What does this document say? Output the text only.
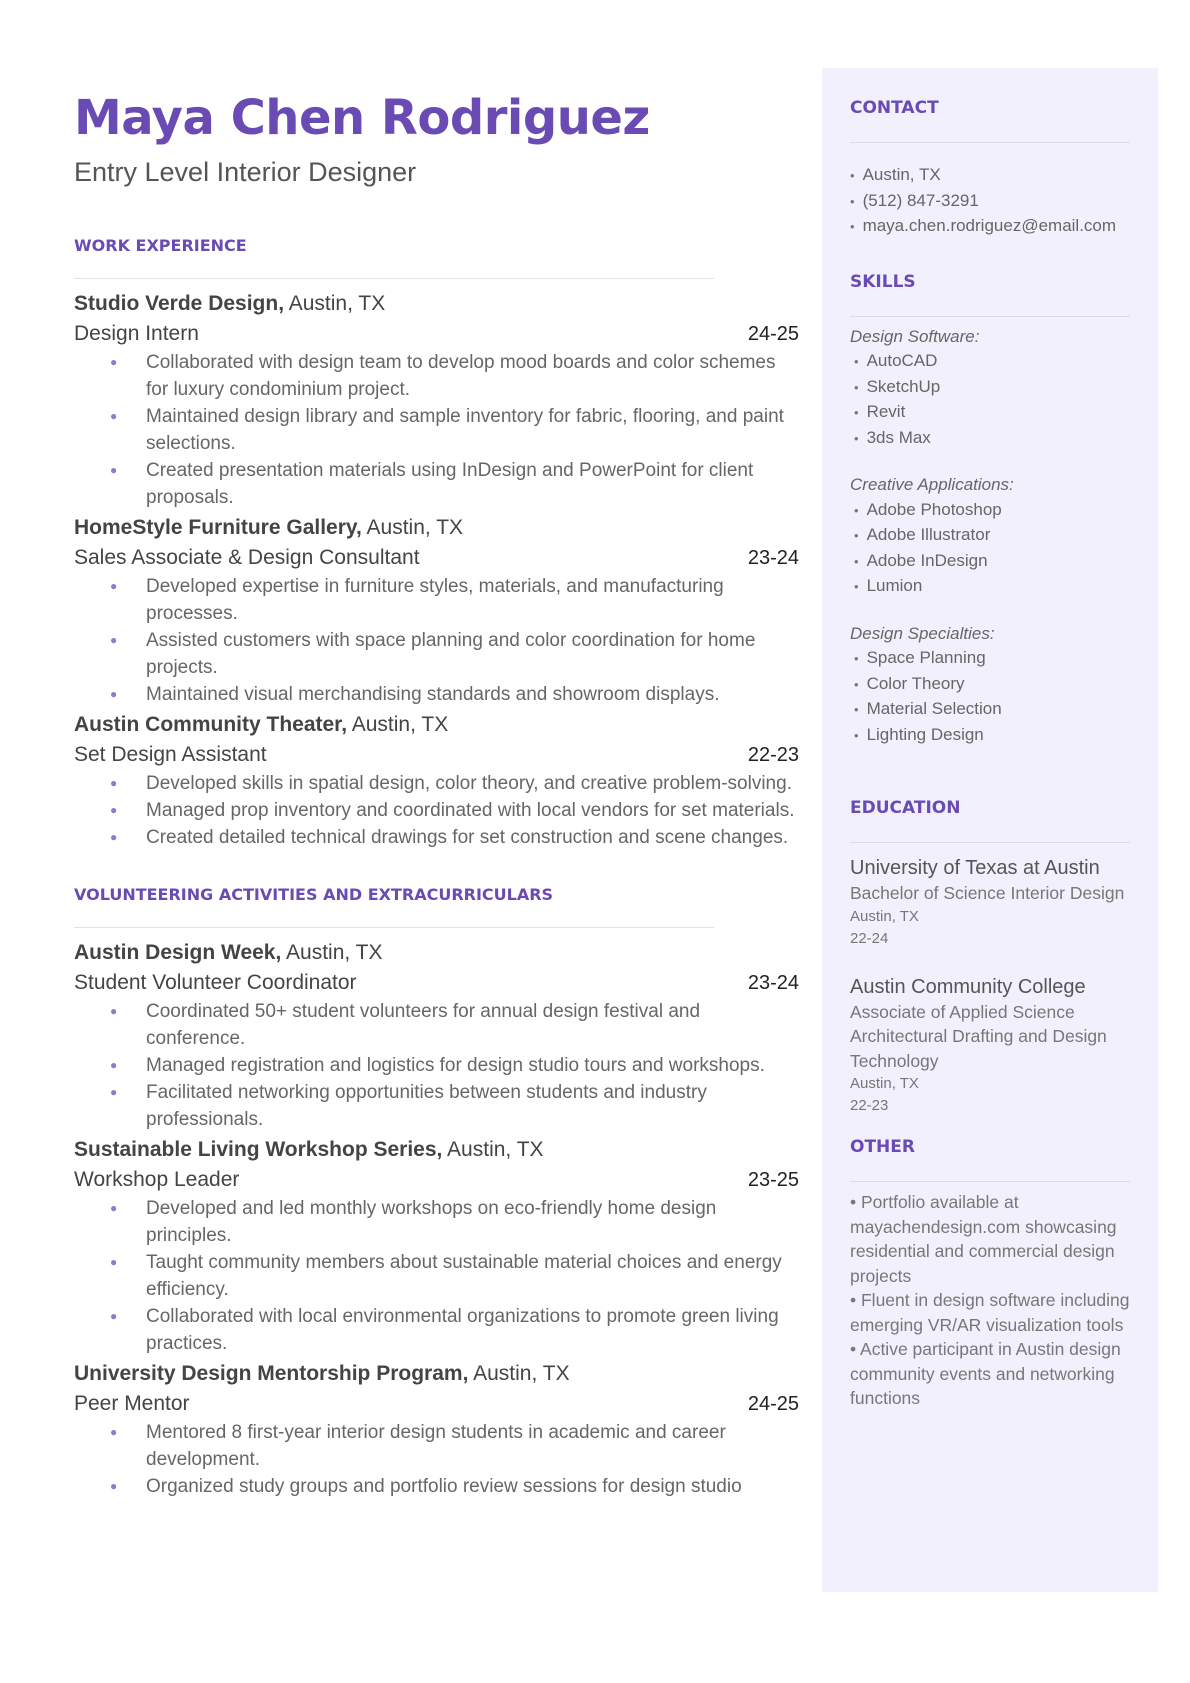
Maya Chen Rodriguez
Entry Level Interior Designer
WORK EXPERIENCE
Studio Verde Design, Austin, TX
Design Intern	24-25
● Collaborated with design team to develop mood boards and color schemes for luxury condominium project.
● Maintained design library and sample inventory for fabric, flooring, and paint selections.
● Created presentation materials using InDesign and PowerPoint for client proposals.
HomeStyle Furniture Gallery, Austin, TX
Sales Associate & Design Consultant	23-24
● Developed expertise in furniture styles, materials, and manufacturing processes.
● Assisted customers with space planning and color coordination for home projects.
● Maintained visual merchandising standards and showroom displays.
Austin Community Theater, Austin, TX
Set Design Assistant	22-23
● Developed skills in spatial design, color theory, and creative problem-solving.
● Managed prop inventory and coordinated with local vendors for set materials.
● Created detailed technical drawings for set construction and scene changes.
VOLUNTEERING ACTIVITIES AND EXTRACURRICULARS
Austin Design Week, Austin, TX
Student Volunteer Coordinator	23-24
● Coordinated 50+ student volunteers for annual design festival and conference.
● Managed registration and logistics for design studio tours and workshops.
● Facilitated networking opportunities between students and industry professionals.
Sustainable Living Workshop Series, Austin, TX
Workshop Leader	23-25
● Developed and led monthly workshops on eco-friendly home design principles.
● Taught community members about sustainable material choices and energy efficiency.
● Collaborated with local environmental organizations to promote green living practices.
University Design Mentorship Program, Austin, TX
Peer Mentor	24-25
● Mentored 8 first-year interior design students in academic and career development.
● Organized study groups and portfolio review sessions for design studio
CONTACT
• Austin, TX
• (512) 847-3291
• maya.chen.rodriguez@email.com
SKILLS
Design Software:
• AutoCAD
• SketchUp
• Revit
• 3ds Max
Creative Applications:
• Adobe Photoshop
• Adobe Illustrator
• Adobe InDesign
• Lumion
Design Specialties:
• Space Planning
• Color Theory
• Material Selection
• Lighting Design
EDUCATION
University of Texas at Austin
Bachelor of Science Interior Design
Austin, TX
22-24
Austin Community College
Associate of Applied Science Architectural Drafting and Design Technology
Austin, TX
22-23
OTHER
• Portfolio available at mayachendesign.com showcasing residential and commercial design projects
• Fluent in design software including emerging VR/AR visualization tools
• Active participant in Austin design community events and networking functions
